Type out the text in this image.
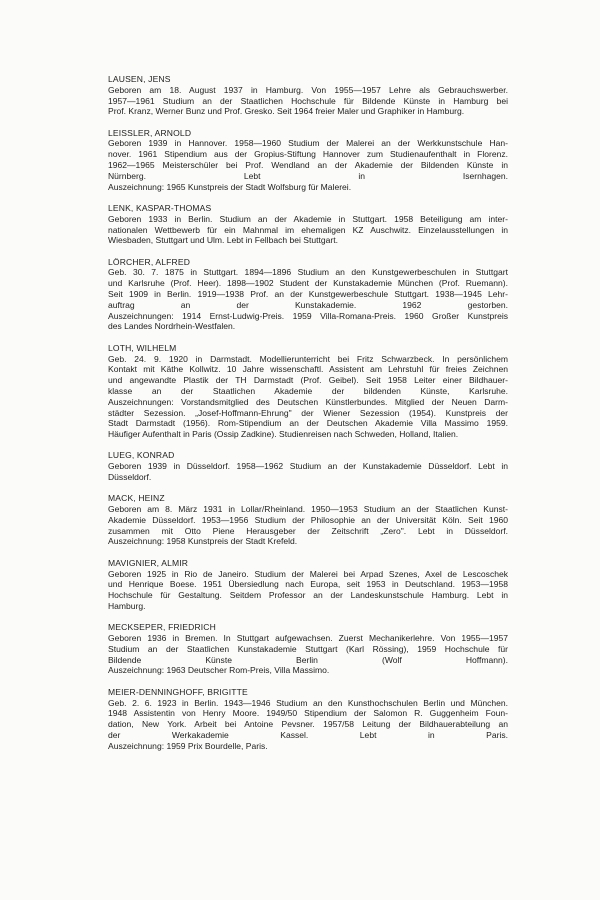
LAUSEN, JENS
Geboren am 18. August 1937 in Hamburg. Von 1955—1957 Lehre als Gebrauchswerber.
1957—1961 Studium an der Staatlichen Hochschule für Bildende Künste in Hamburg bei
Prof. Kranz, Werner Bunz und Prof. Gresko. Seit 1964 freier Maler und Graphiker in Hamburg.
LEISSLER, ARNOLD
Geboren 1939 in Hannover. 1958—1960 Studium der Malerei an der Werkkunstschule Han-
nover. 1961 Stipendium aus der Gropius-Stiftung Hannover zum Studienaufenthalt in Florenz.
1962—1965 Meisterschüler bei Prof. Wendland an der Akademie der Bildenden Künste in
Nürnberg. Lebt in Isernhagen.
Auszeichnung: 1965 Kunstpreis der Stadt Wolfsburg für Malerei.
LENK, KASPAR-THOMAS
Geboren 1933 in Berlin. Studium an der Akademie in Stuttgart. 1958 Beteiligung am inter-
nationalen Wettbewerb für ein Mahnmal im ehemaligen KZ Auschwitz. Einzelausstellungen in
Wiesbaden, Stuttgart und Ulm. Lebt in Fellbach bei Stuttgart.
LÖRCHER, ALFRED
Geb. 30. 7. 1875 in Stuttgart. 1894—1896 Studium an den Kunstgewerbeschulen in Stuttgart
und Karlsruhe (Prof. Heer). 1898—1902 Student der Kunstakademie München (Prof. Ruemann).
Seit 1909 in Berlin. 1919—1938 Prof. an der Kunstgewerbeschule Stuttgart. 1938—1945 Lehr-
auftrag an der Kunstakademie. 1962 gestorben.
Auszeichnungen: 1914 Ernst-Ludwig-Preis. 1959 Villa-Romana-Preis. 1960 Großer Kunstpreis
des Landes Nordrhein-Westfalen.
LOTH, WILHELM
Geb. 24. 9. 1920 in Darmstadt. Modellierunterricht bei Fritz Schwarzbeck. In persönlichem
Kontakt mit Käthe Kollwitz. 10 Jahre wissenschaftl. Assistent am Lehrstuhl für freies Zeichnen
und angewandte Plastik der TH Darmstadt (Prof. Geibel). Seit 1958 Leiter einer Bildhauer-
klasse an der Staatlichen Akademie der bildenden Künste, Karlsruhe.
Auszeichnungen: Vorstandsmitglied des Deutschen Künstlerbundes. Mitglied der Neuen Darm-
städter Sezession. „Josef-Hoffmann-Ehrung" der Wiener Sezession (1954). Kunstpreis der
Stadt Darmstadt (1956). Rom-Stipendium an der Deutschen Akademie Villa Massimo 1959.
Häufiger Aufenthalt in Paris (Ossip Zadkine). Studienreisen nach Schweden, Holland, Italien.
LUEG, KONRAD
Geboren 1939 in Düsseldorf. 1958—1962 Studium an der Kunstakademie Düsseldorf. Lebt in
Düsseldorf.
MACK, HEINZ
Geboren am 8. März 1931 in Lollar/Rheinland. 1950—1953 Studium an der Staatlichen Kunst-
Akademie Düsseldorf. 1953—1956 Studium der Philosophie an der Universität Köln. Seit 1960
zusammen mit Otto Piene Herausgeber der Zeitschrift „Zero". Lebt in Düsseldorf.
Auszeichnung: 1958 Kunstpreis der Stadt Krefeld.
MAVIGNIER, ALMIR
Geboren 1925 in Rio de Janeiro. Studium der Malerei bei Arpad Szenes, Axel de Lescoschek
und Henrique Boese. 1951 Übersiedlung nach Europa, seit 1953 in Deutschland. 1953—1958
Hochschule für Gestaltung. Seitdem Professor an der Landeskunstschule Hamburg. Lebt in
Hamburg.
MECKSEPER, FRIEDRICH
Geboren 1936 in Bremen. In Stuttgart aufgewachsen. Zuerst Mechanikerlehre. Von 1955—1957
Studium an der Staatlichen Kunstakademie Stuttgart (Karl Rössing), 1959 Hochschule für
Bildende Künste Berlin (Wolf Hoffmann).
Auszeichnung: 1963 Deutscher Rom-Preis, Villa Massimo.
MEIER-DENNINGHOFF, BRIGITTE
Geb. 2. 6. 1923 in Berlin. 1943—1946 Studium an den Kunsthochschulen Berlin und München.
1948 Assistentin von Henry Moore. 1949/50 Stipendium der Salomon R. Guggenheim Foun-
dation, New York. Arbeit bei Antoine Pevsner. 1957/58 Leitung der Bildhauerabteilung an
der Werkakademie Kassel. Lebt in Paris.
Auszeichnung: 1959 Prix Bourdelle, Paris.
